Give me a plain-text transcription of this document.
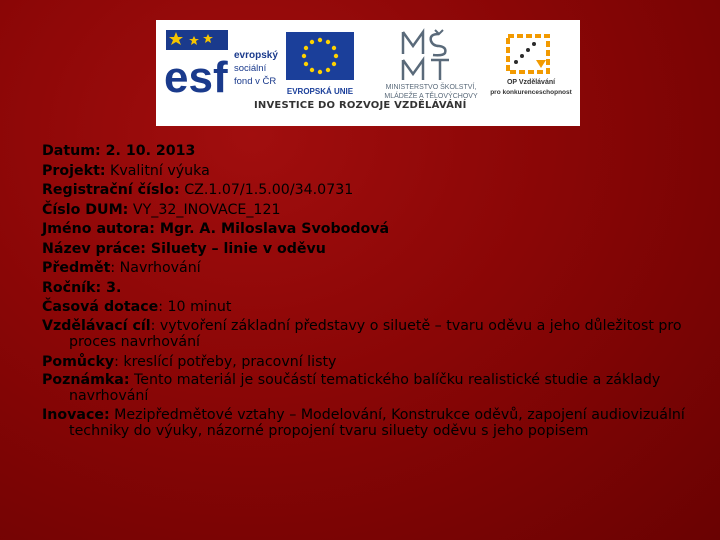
esf evropský
sociální
fond v ČR
EVROPSKÁ UNIE	MINISTERSTVO ŠKOLSTVÍ,
MLÁDEŽE A TĚLOVÝCHOVY
OP Vzdělávání
pro konkurenceschopnost
INVESTICE DO ROZVOJE VZDĚLÁVÁNÍ
Datum: 2. 10. 2013
Projekt: Kvalitní výuka
Registrační číslo: CZ.1.07/1.5.00/34.0731
Číslo DUM: VY_32_INOVACE_121
Jméno autora: Mgr. A. Miloslava Svobodová
Název práce: Siluety – linie v oděvu
Předmět: Navrhování
Ročník: 3.
Časová dotace: 10 minut
Vzdělávací cíl: vytvoření základní představy o siluetě – tvaru oděvu a jeho důležitost pro proces navrhování
Pomůcky: kreslící potřeby, pracovní listy
Poznámka: Tento materiál je součástí tematického balíčku realistické studie a základy navrhování
Inovace: Mezipředmětové vztahy – Modelování, Konstrukce oděvů, zapojení audiovizuální techniky do výuky, názorné propojení tvaru siluety oděvu s jeho popisem
